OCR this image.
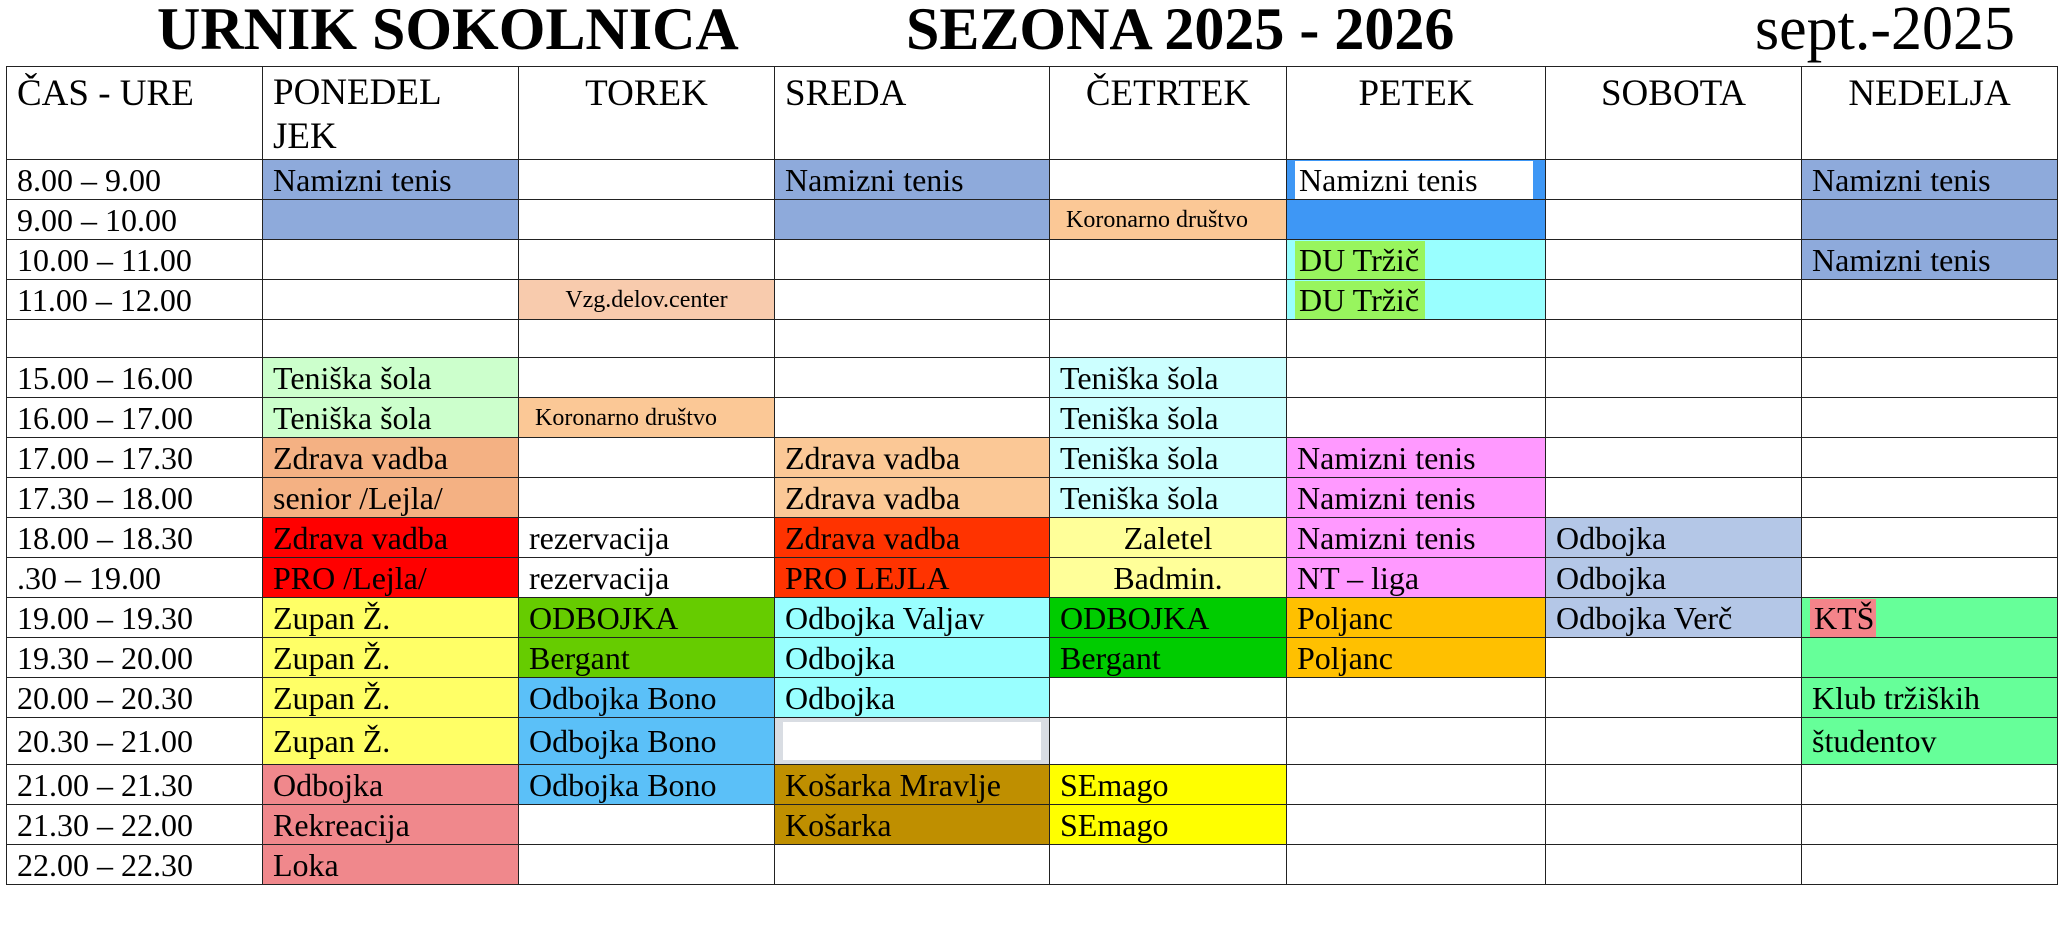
URNIK SOKOLNICA	SEZONA 2025 - 2026	sept.-2025
ČAS - URE	PONEDEL JEK	TOREK	SREDA	ČETRTEK	PETEK	SOBOTA	NEDELJA

8.00 – 9.00	Namizni tenis		Namizni tenis		Namizni tenis		Namizni tenis

9.00 – 10.00				Koronarno društvo			

10.00 – 11.00					DU Tržič		Namizni tenis

11.00 – 12.00		Vzg.delov.center			DU Tržič		

15.00 – 16.00	Teniška šola			Teniška šola			

16.00 – 17.00	Teniška šola	Koronarno društvo		Teniška šola			

17.00 – 17.30	Zdrava vadba		Zdrava vadba	Teniška šola	Namizni tenis		

17.30 – 18.00	senior /Lejla/		Zdrava vadba	Teniška šola	Namizni tenis		

18.00 – 18.30	Zdrava vadba	rezervacija	Zdrava vadba	Zaletel	Namizni tenis	Odbojka	

.30 – 19.00	PRO /Lejla/	rezervacija	PRO LEJLA	Badmin.	NT – liga	Odbojka	

19.00 – 19.30	Zupan Ž.	ODBOJKA	Odbojka Valjav	ODBOJKA	Poljanc	Odbojka Verč	KTŠ

19.30 – 20.00	Zupan Ž.	Bergant	Odbojka	Bergant	Poljanc		

20.00 – 20.30	Zupan Ž.	Odbojka Bono	Odbojka				Klub tržiških

20.30 – 21.00	Zupan Ž.	Odbojka Bono					študentov

21.00 – 21.30	Odbojka	Odbojka Bono	Košarka Mravlje	SEmago			

21.30 – 22.00	Rekreacija		Košarka	SEmago			

22.00 – 22.30	Loka						
